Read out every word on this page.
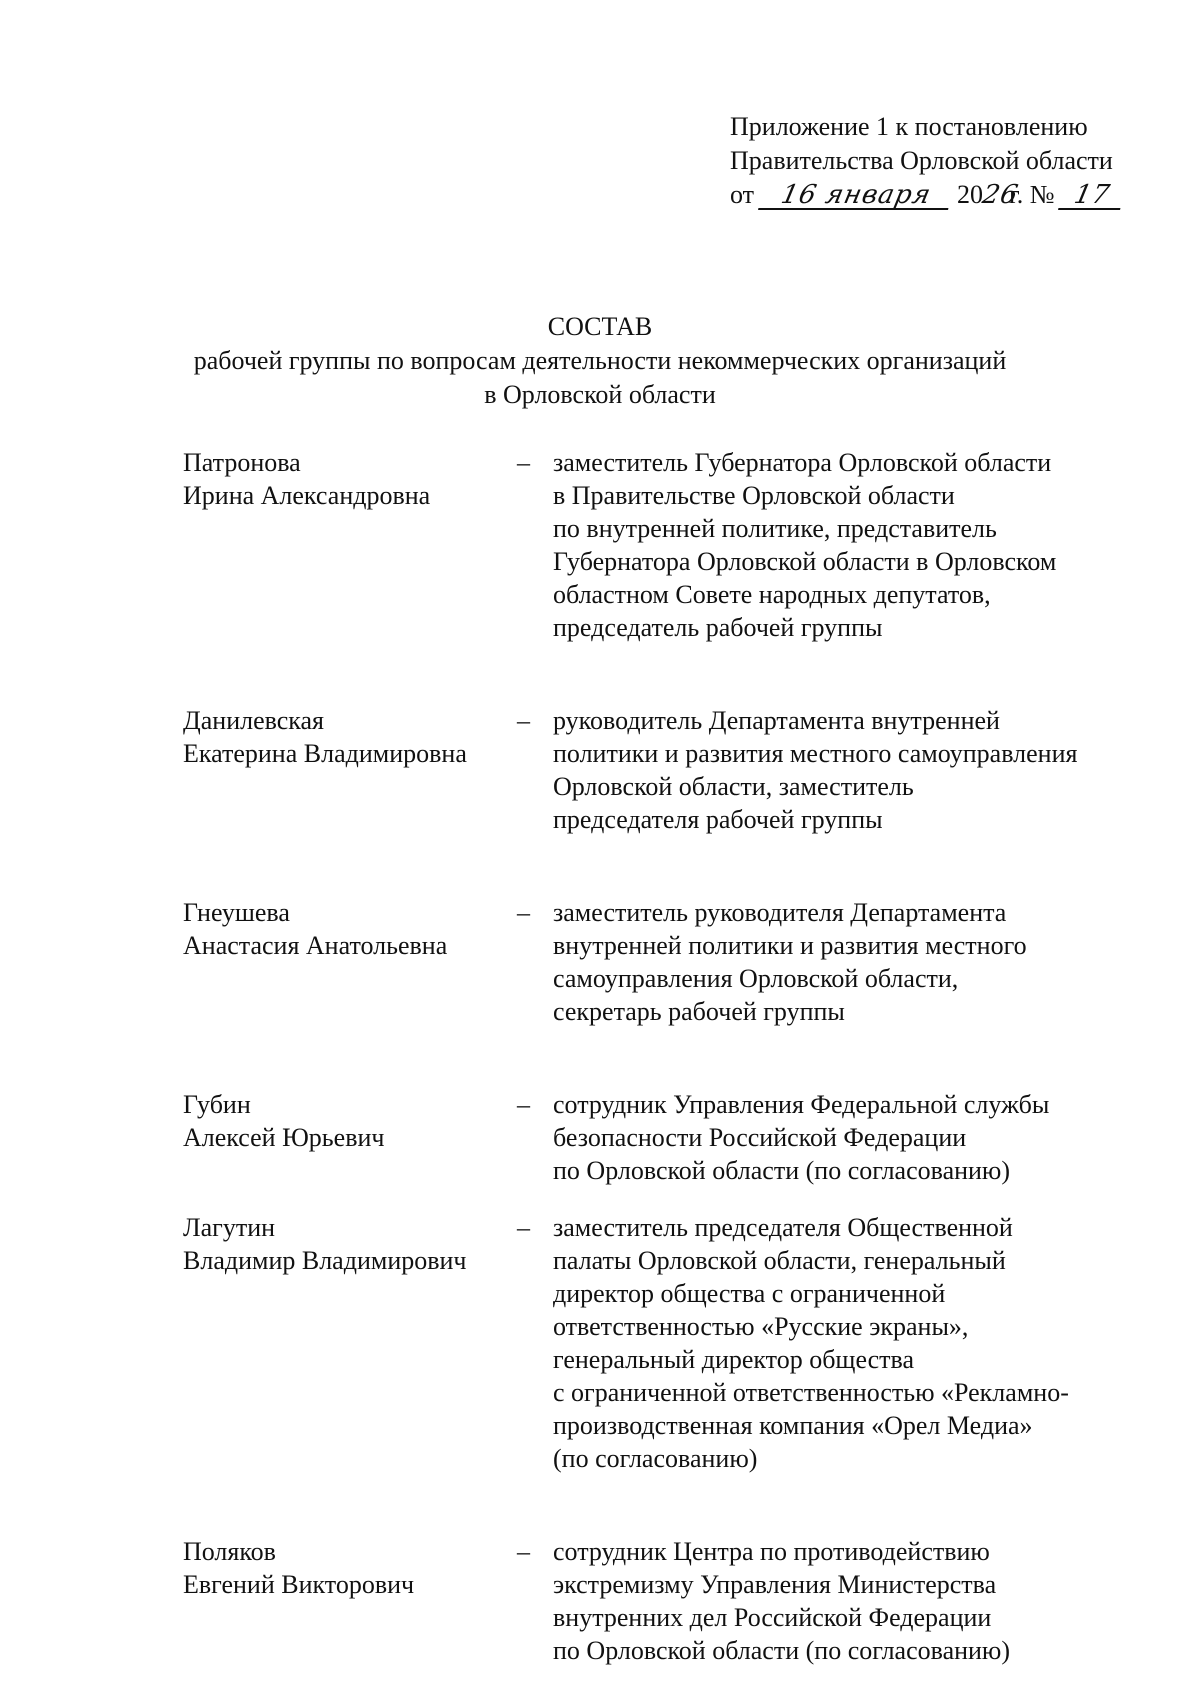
Приложение 1 к постановлению
Правительства Орловской области
от 16 января 2026г. № 17
СОСТАВ
рабочей группы по вопросам деятельности некоммерческих организаций
в Орловской области
Патронова
Ирина Александровна
– заместитель Губернатора Орловской области
в Правительстве Орловской области
по внутренней политике, представитель
Губернатора Орловской области в Орловском
областном Совете народных депутатов,
председатель рабочей группы
Данилевская
Екатерина Владимировна
– руководитель Департамента внутренней
политики и развития местного самоуправления
Орловской области, заместитель
председателя рабочей группы
Гнеушева
Анастасия Анатольевна
– заместитель руководителя Департамента
внутренней политики и развития местного
самоуправления Орловской области,
секретарь рабочей группы
Губин
Алексей Юрьевич
– сотрудник Управления Федеральной службы
безопасности Российской Федерации
по Орловской области (по согласованию)
Лагутин
Владимир Владимирович
– заместитель председателя Общественной
палаты Орловской области, генеральный
директор общества с ограниченной
ответственностью «Русские экраны»,
генеральный директор общества
с ограниченной ответственностью «Рекламно-
производственная компания «Орел Медиа»
(по согласованию)
Поляков
Евгений Викторович
– сотрудник Центра по противодействию
экстремизму Управления Министерства
внутренних дел Российской Федерации
по Орловской области (по согласованию)
